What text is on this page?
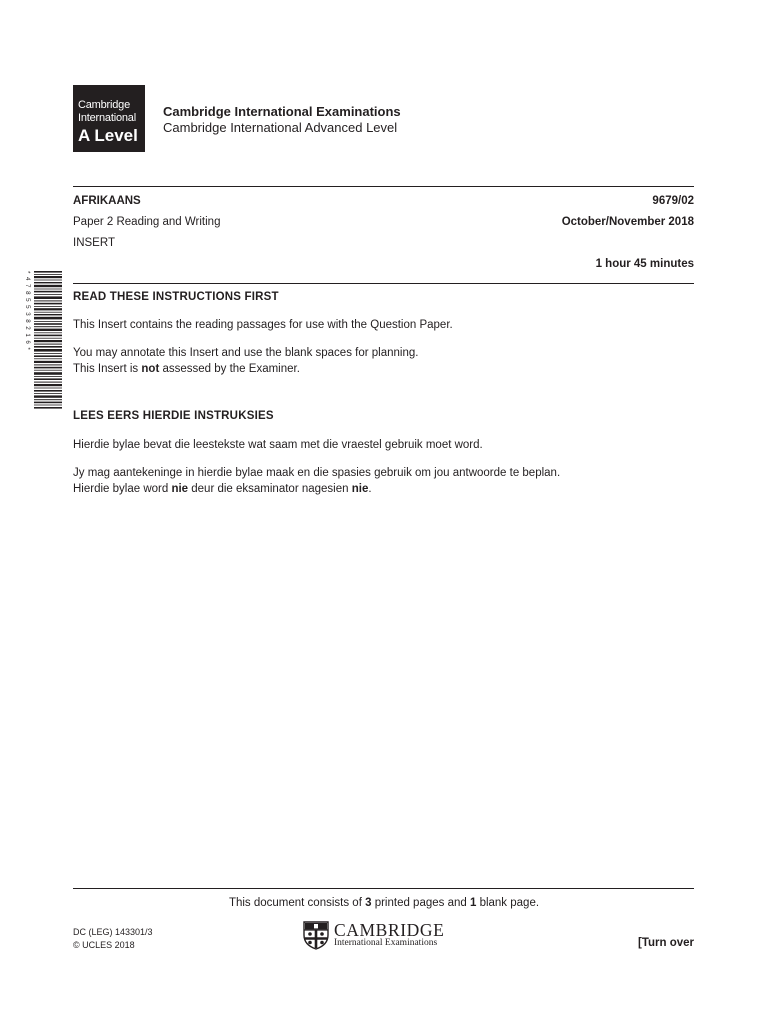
Cambridge
International
A Level
Cambridge International Examinations
Cambridge International Advanced Level
AFRIKAANS	9679/02
Paper 2 Reading and Writing	October/November 2018
INSERT
1 hour 45 minutes
*4785538216*	READ THESE INSTRUCTIONS FIRST
This Insert contains the reading passages for use with the Question Paper.
You may annotate this Insert and use the blank spaces for planning.
This Insert is not assessed by the Examiner.
LEES EERS HIERDIE INSTRUKSIES
Hierdie bylae bevat die leestekste wat saam met die vraestel gebruik moet word.
Jy mag aantekeninge in hierdie bylae maak en die spasies gebruik om jou antwoorde te beplan.
Hierdie bylae word nie deur die eksaminator nagesien nie.
This document consists of 3 printed pages and 1 blank page.
DC (LEG) 143301/3
© UCLES 2018
CAMBRIDGE
International Examinations	[Turn over
